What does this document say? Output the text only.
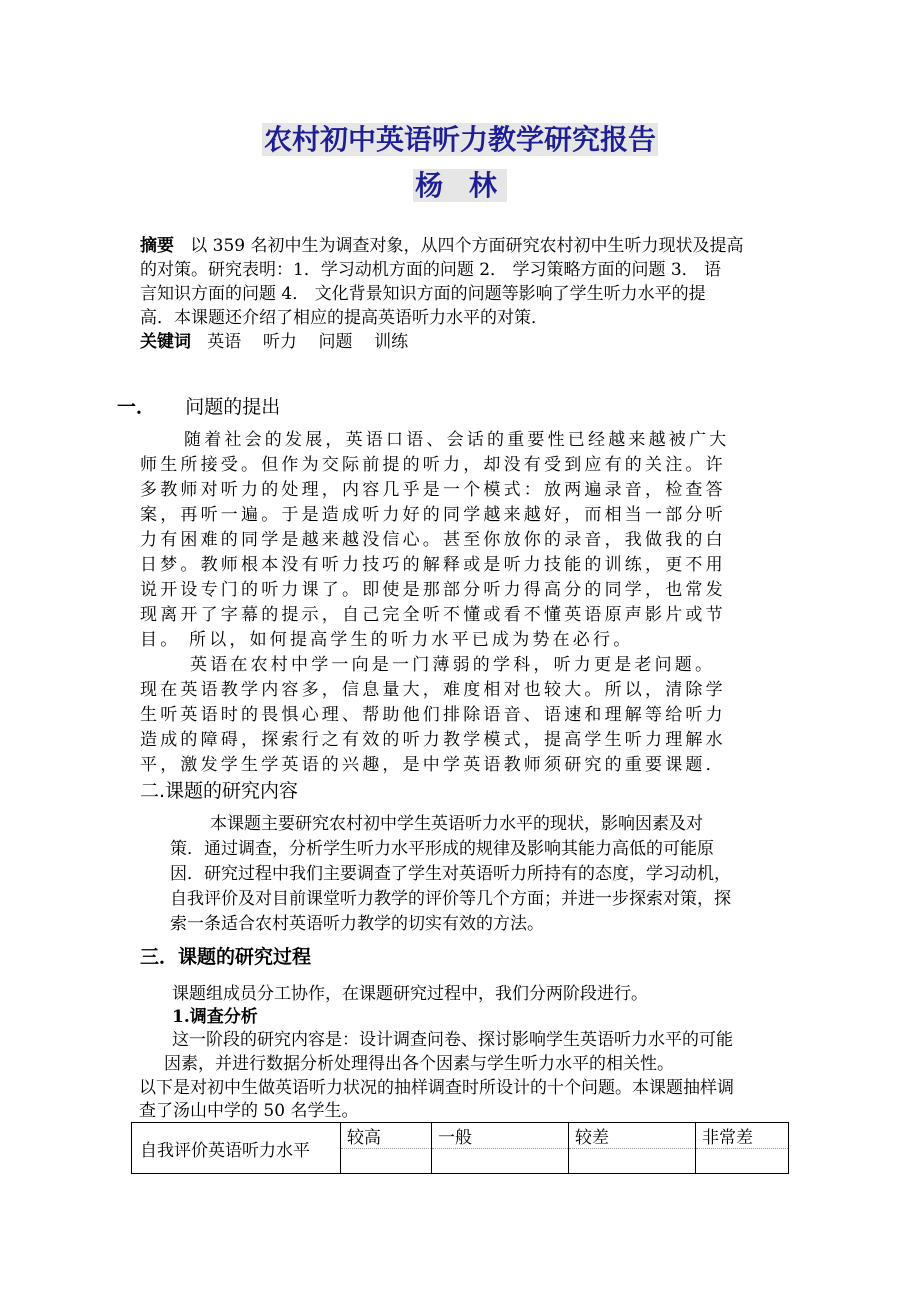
农村初中英语听力教学研究报告
杨 林
摘要 以 359 名初中生为调查对象，从四个方面研究农村初中生听力现状及提高
的对策。研究表明：1．学习动机方面的问题 2． 学习策略方面的问题 3． 语
言知识方面的问题 4． 文化背景知识方面的问题等影响了学生听力水平的提
高．本课题还介绍了相应的提高英语听力水平的对策．
关键词 英语    听力    问题    训练
一． 问题的提出
随着社会的发展，英语口语、会话的重要性已经越来越被广大
师生所接受。但作为交际前提的听力，却没有受到应有的关注。许
多教师对听力的处理，内容几乎是一个模式：放两遍录音，检查答
案，再听一遍。于是造成听力好的同学越来越好，而相当一部分听
力有困难的同学是越来越没信心。甚至你放你的录音，我做我的白
日梦。教师根本没有听力技巧的解释或是听力技能的训练，更不用
说开设专门的听力课了。即使是那部分听力得高分的同学，也常发
现离开了字幕的提示，自己完全听不懂或看不懂英语原声影片或节
目。 所以，如何提高学生的听力水平已成为势在必行。
英语在农村中学一向是一门薄弱的学科，听力更是老问题。
现在英语教学内容多，信息量大，难度相对也较大。所以，清除学
生听英语时的畏惧心理、帮助他们排除语音、语速和理解等给听力
造成的障碍，探索行之有效的听力教学模式，提高学生听力理解水
平，激发学生学英语的兴趣，是中学英语教师须研究的重要课题．
二.课题的研究内容
本课题主要研究农村初中学生英语听力水平的现状，影响因素及对
策．通过调查，分析学生听力水平形成的规律及影响其能力高低的可能原
因．研究过程中我们主要调查了学生对英语听力所持有的态度，学习动机，
自我评价及对目前课堂听力教学的评价等几个方面；并进一步探索对策，探
索一条适合农村英语听力教学的切实有效的方法。
三．课题的研究过程
课题组成员分工协作，在课题研究过程中，我们分两阶段进行。
1.调查分析
这一阶段的研究内容是：设计调查问卷、探讨影响学生英语听力水平的可能
因素，并进行数据分析处理得出各个因素与学生听力水平的相关性。
以下是对初中生做英语听力状况的抽样调查时所设计的十个问题。本课题抽样调
查了汤山中学的 50 名学生。
自我评价英语听力水平	较高	一般	较差	非常差
